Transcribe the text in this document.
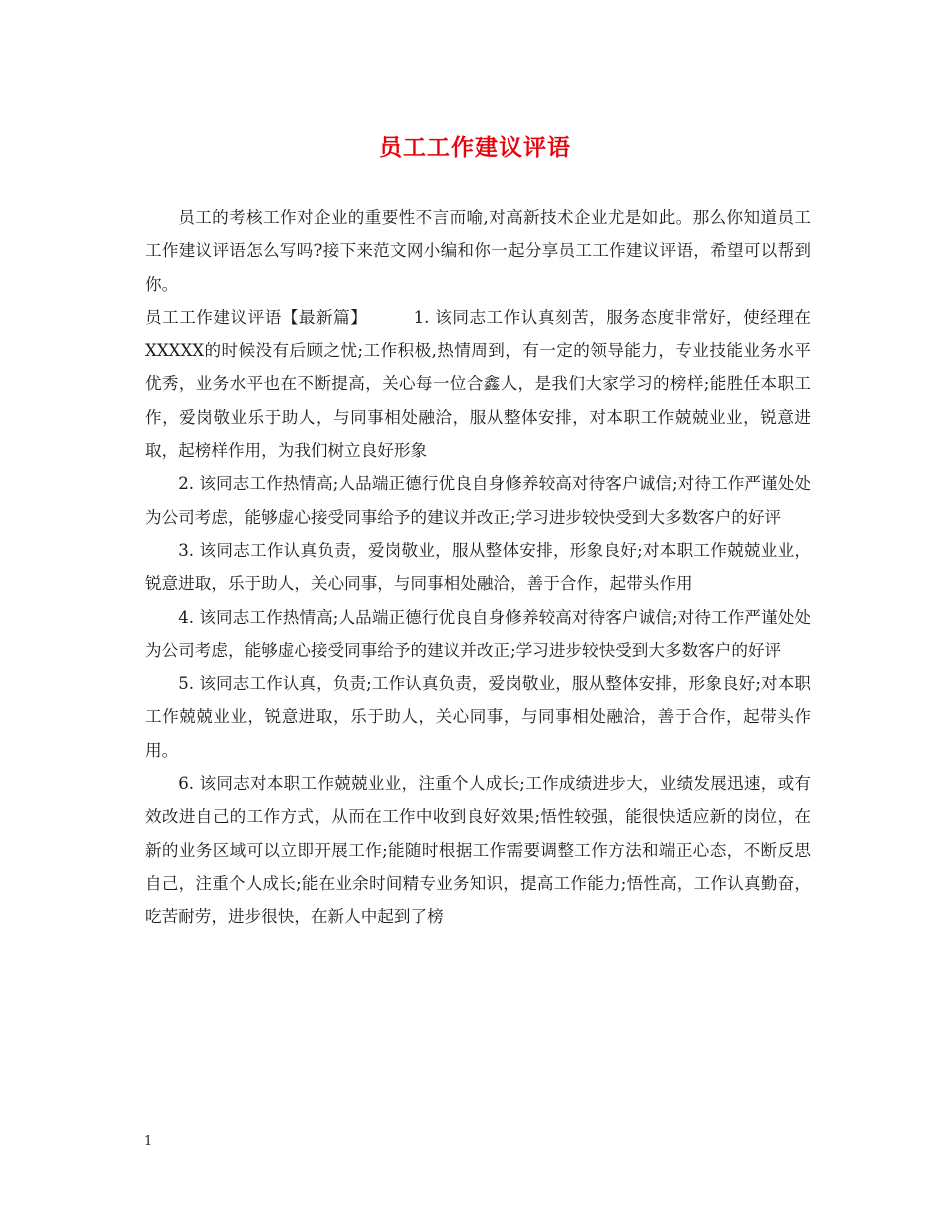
员工工作建议评语

员工的考核工作对企业的重要性不言而喻,对高新技术企业尤是如此。那么你知道员工工作建议评语怎么写吗?接下来范文网小编和你一起分享员工工作建议评语，希望可以帮到你。

员工工作建议评语【最新篇】	1. 该同志工作认真刻苦，服务态度非常好，使经理在XXXXX的时候没有后顾之忧;工作积极,热情周到，有一定的领导能力，专业技能业务水平优秀，业务水平也在不断提高，关心每一位合鑫人，是我们大家学习的榜样;能胜任本职工作，爱岗敬业乐于助人，与同事相处融洽，服从整体安排，对本职工作兢兢业业，锐意进取，起榜样作用，为我们树立良好形象

2. 该同志工作热情高;人品端正德行优良自身修养较高对待客户诚信;对待工作严谨处处为公司考虑，能够虚心接受同事给予的建议并改正;学习进步较快受到大多数客户的好评

3. 该同志工作认真负责，爱岗敬业，服从整体安排，形象良好;对本职工作兢兢业业，锐意进取，乐于助人，关心同事，与同事相处融洽，善于合作，起带头作用

4. 该同志工作热情高;人品端正德行优良自身修养较高对待客户诚信;对待工作严谨处处为公司考虑，能够虚心接受同事给予的建议并改正;学习进步较快受到大多数客户的好评

5. 该同志工作认真，负责;工作认真负责，爱岗敬业，服从整体安排，形象良好;对本职工作兢兢业业，锐意进取，乐于助人，关心同事，与同事相处融洽，善于合作，起带头作用。

6. 该同志对本职工作兢兢业业，注重个人成长;工作成绩进步大，业绩发展迅速，或有效改进自己的工作方式，从而在工作中收到良好效果;悟性较强，能很快适应新的岗位，在新的业务区域可以立即开展工作;能随时根据工作需要调整工作方法和端正心态，不断反思自己，注重个人成长;能在业余时间精专业务知识，提高工作能力;悟性高，工作认真勤奋，吃苦耐劳，进步很快，在新人中起到了榜

1
